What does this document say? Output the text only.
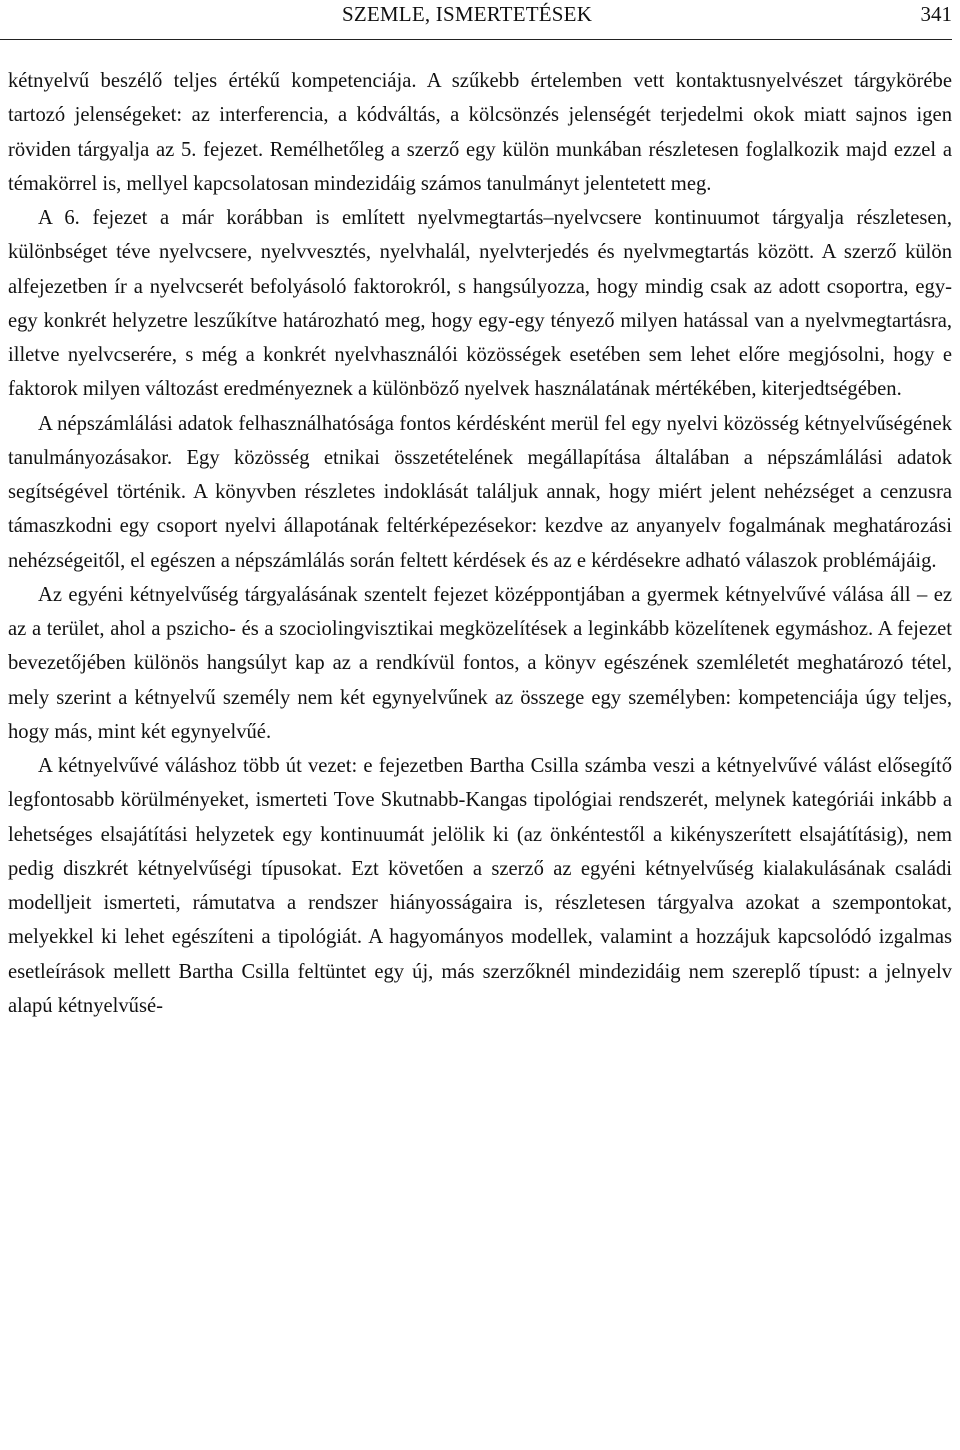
SZEMLE, ISMERTETÉSEK	341

kétnyelvű beszélő teljes értékű kompetenciája. A szűkebb értelemben vett kontaktusnyelvészet tárgykörébe tartozó jelenségeket: az interferencia, a kódváltás, a kölcsönzés jelenségét terjedelmi okok miatt sajnos igen röviden tárgyalja az 5. fejezet. Remélhetőleg a szerző egy külön munkában részletesen foglalkozik majd ezzel a témakörrel is, mellyel kapcsolatosan mindezidáig számos tanulmányt jelentetett meg.

A 6. fejezet a már korábban is említett nyelvmegtartás–nyelvcsere kontinuumot tárgyalja részletesen, különbséget téve nyelvcsere, nyelvvesztés, nyelvhalál, nyelvterjedés és nyelvmegtartás között. A szerző külön alfejezetben ír a nyelvcserét befolyásoló faktorokról, s hangsúlyozza, hogy mindig csak az adott csoportra, egy-egy konkrét helyzetre leszűkítve határozható meg, hogy egy-egy tényező milyen hatással van a nyelvmegtartásra, illetve nyelvcserére, s még a konkrét nyelvhasználói közösségek esetében sem lehet előre megjósolni, hogy e faktorok milyen változást eredményeznek a különböző nyelvek használatának mértékében, kiterjedtségében.

A népszámlálási adatok felhasználhatósága fontos kérdésként merül fel egy nyelvi közösség kétnyelvűségének tanulmányozásakor. Egy közösség etnikai összetételének megállapítása általában a népszámlálási adatok segítségével történik. A könyvben részletes indoklását találjuk annak, hogy miért jelent nehézséget a cenzusra támaszkodni egy csoport nyelvi állapotának feltérképezésekor: kezdve az anyanyelv fogalmának meghatározási nehézségeitől, el egészen a népszámlálás során feltett kérdések és az e kérdésekre adható válaszok problémájáig.

Az egyéni kétnyelvűség tárgyalásának szentelt fejezet középpontjában a gyermek kétnyelvűvé válása áll – ez az a terület, ahol a pszicho- és a szociolingvisztikai megközelítések a leginkább közelítenek egymáshoz. A fejezet bevezetőjében különös hangsúlyt kap az a rendkívül fontos, a könyv egészének szemléletét meghatározó tétel, mely szerint a kétnyelvű személy nem két egynyelvűnek az összege egy személyben: kompetenciája úgy teljes, hogy más, mint két egynyelvűé.

A kétnyelvűvé váláshoz több út vezet: e fejezetben Bartha Csilla számba veszi a kétnyelvűvé válást elősegítő legfontosabb körülményeket, ismerteti Tove Skutnabb-Kangas tipológiai rendszerét, melynek kategóriái inkább a lehetséges elsajátítási helyzetek egy kontinuumát jelölik ki (az önkéntestől a kikényszerített elsajátításig), nem pedig diszkrét kétnyelvűségi típusokat. Ezt követően a szerző az egyéni kétnyelvűség kialakulásának családi modelljeit ismerteti, rámutatva a rendszer hiányosságaira is, részletesen tárgyalva azokat a szempontokat, melyekkel ki lehet egészíteni a tipológiát. A hagyományos modellek, valamint a hozzájuk kapcsolódó izgalmas esetleírások mellett Bartha Csilla feltüntet egy új, más szerzőknél mindezidáig nem szereplő típust: a jelnyelv alapú kétnyelvűsé-
